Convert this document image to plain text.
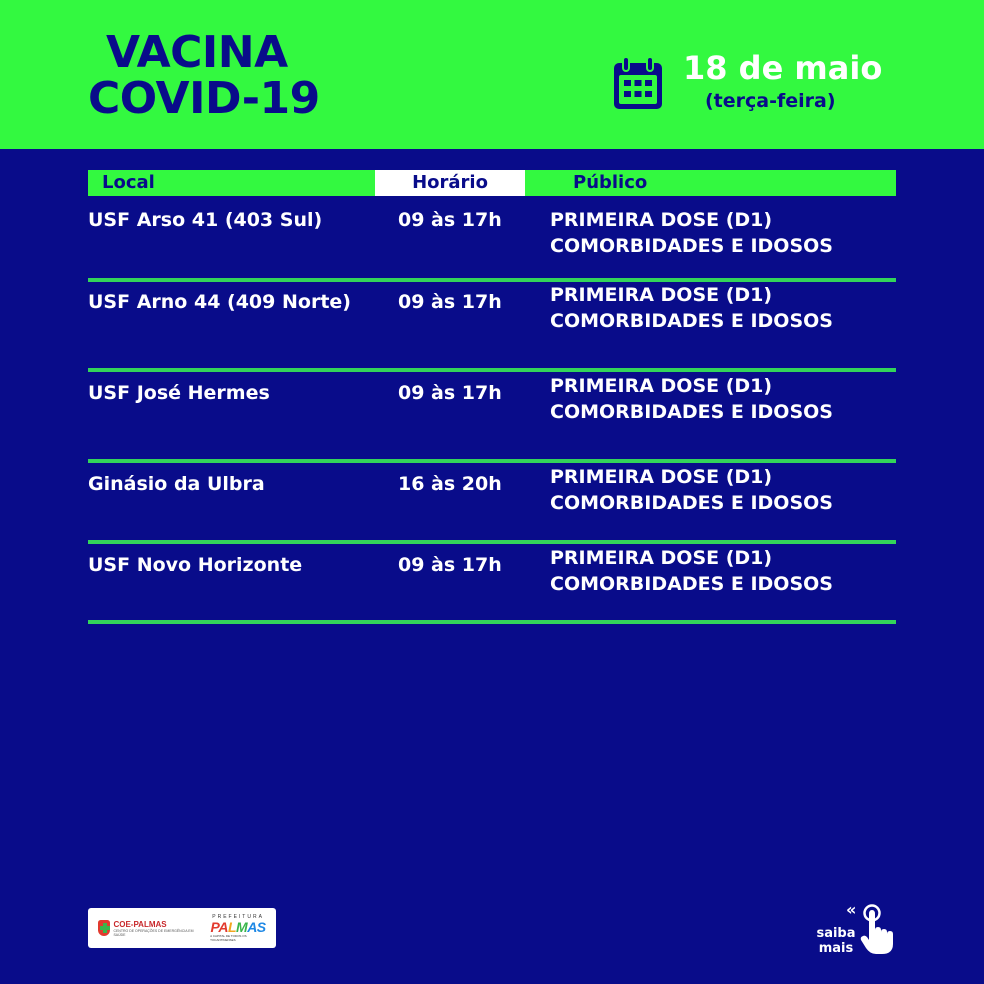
VACINA
COVID-19
18 de maio
(terça-feira)
Local	Horário	Público
USF Arso 41 (403 Sul)	09 às 17h	PRIMEIRA DOSE (D1)
COMORBIDADES E IDOSOS
USF Arno 44 (409 Norte) 09 às 17h	PRIMEIRA DOSE (D1)
COMORBIDADES E IDOSOS
USF José Hermes	09 às 17h	PRIMEIRA DOSE (D1)
COMORBIDADES E IDOSOS
Ginásio da Ulbra	16 às 20h	PRIMEIRA DOSE (D1)
COMORBIDADES E IDOSOS
USF Novo Horizonte	09 às 17h	PRIMEIRA DOSE (D1)
COMORBIDADES E IDOSOS
COE-PALMAS
CENTRO DE OPERAÇÕES DE EMERGÊNCIA EM SAÚDE
PREFEITURA
PALMAS
A CAPITAL DE TODOS OS TOCANTINENSES
«
saiba
mais
